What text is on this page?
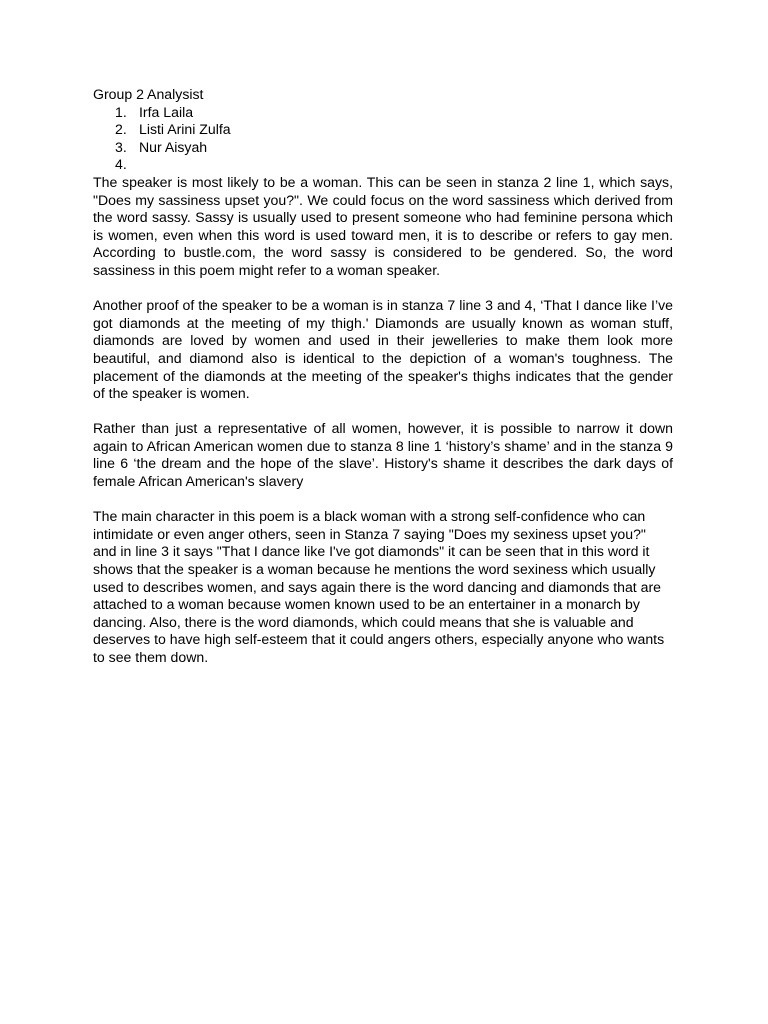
Group 2 Analysist
1. Irfa Laila
2. Listi Arini Zulfa
3. Nur Aisyah
4.

The speaker is most likely to be a woman. This can be seen in stanza 2 line 1, which says, "Does my sassiness upset you?". We could focus on the word sassiness which derived from the word sassy. Sassy is usually used to present someone who had feminine persona which is women, even when this word is used toward men, it is to describe or refers to gay men. According to bustle.com, the word sassy is considered to be gendered. So, the word sassiness in this poem might refer to a woman speaker.

Another proof of the speaker to be a woman is in stanza 7 line 3 and 4, ‘That I dance like I’ve got diamonds at the meeting of my thigh.' Diamonds are usually known as woman stuff, diamonds are loved by women and used in their jewelleries to make them look more beautiful, and diamond also is identical to the depiction of a woman's toughness. The placement of the diamonds at the meeting of the speaker's thighs indicates that the gender of the speaker is women.

Rather than just a representative of all women, however, it is possible to narrow it down again to African American women due to stanza 8 line 1 ‘history’s shame’ and in the stanza 9 line 6 ‘the dream and the hope of the slave’. History's shame it describes the dark days of female African American's slavery

The main character in this poem is a black woman with a strong self-confidence who can intimidate or even anger others, seen in Stanza 7 saying "Does my sexiness upset you?" and in line 3 it says "That I dance like I've got diamonds" it can be seen that in this word it shows that the speaker is a woman because he mentions the word sexiness which usually used to describes women, and says again there is the word dancing and diamonds that are attached to a woman because women known used to be an entertainer in a monarch by dancing. Also, there is the word diamonds, which could means that she is valuable and deserves to have high self-esteem that it could angers others, especially anyone who wants to see them down.
